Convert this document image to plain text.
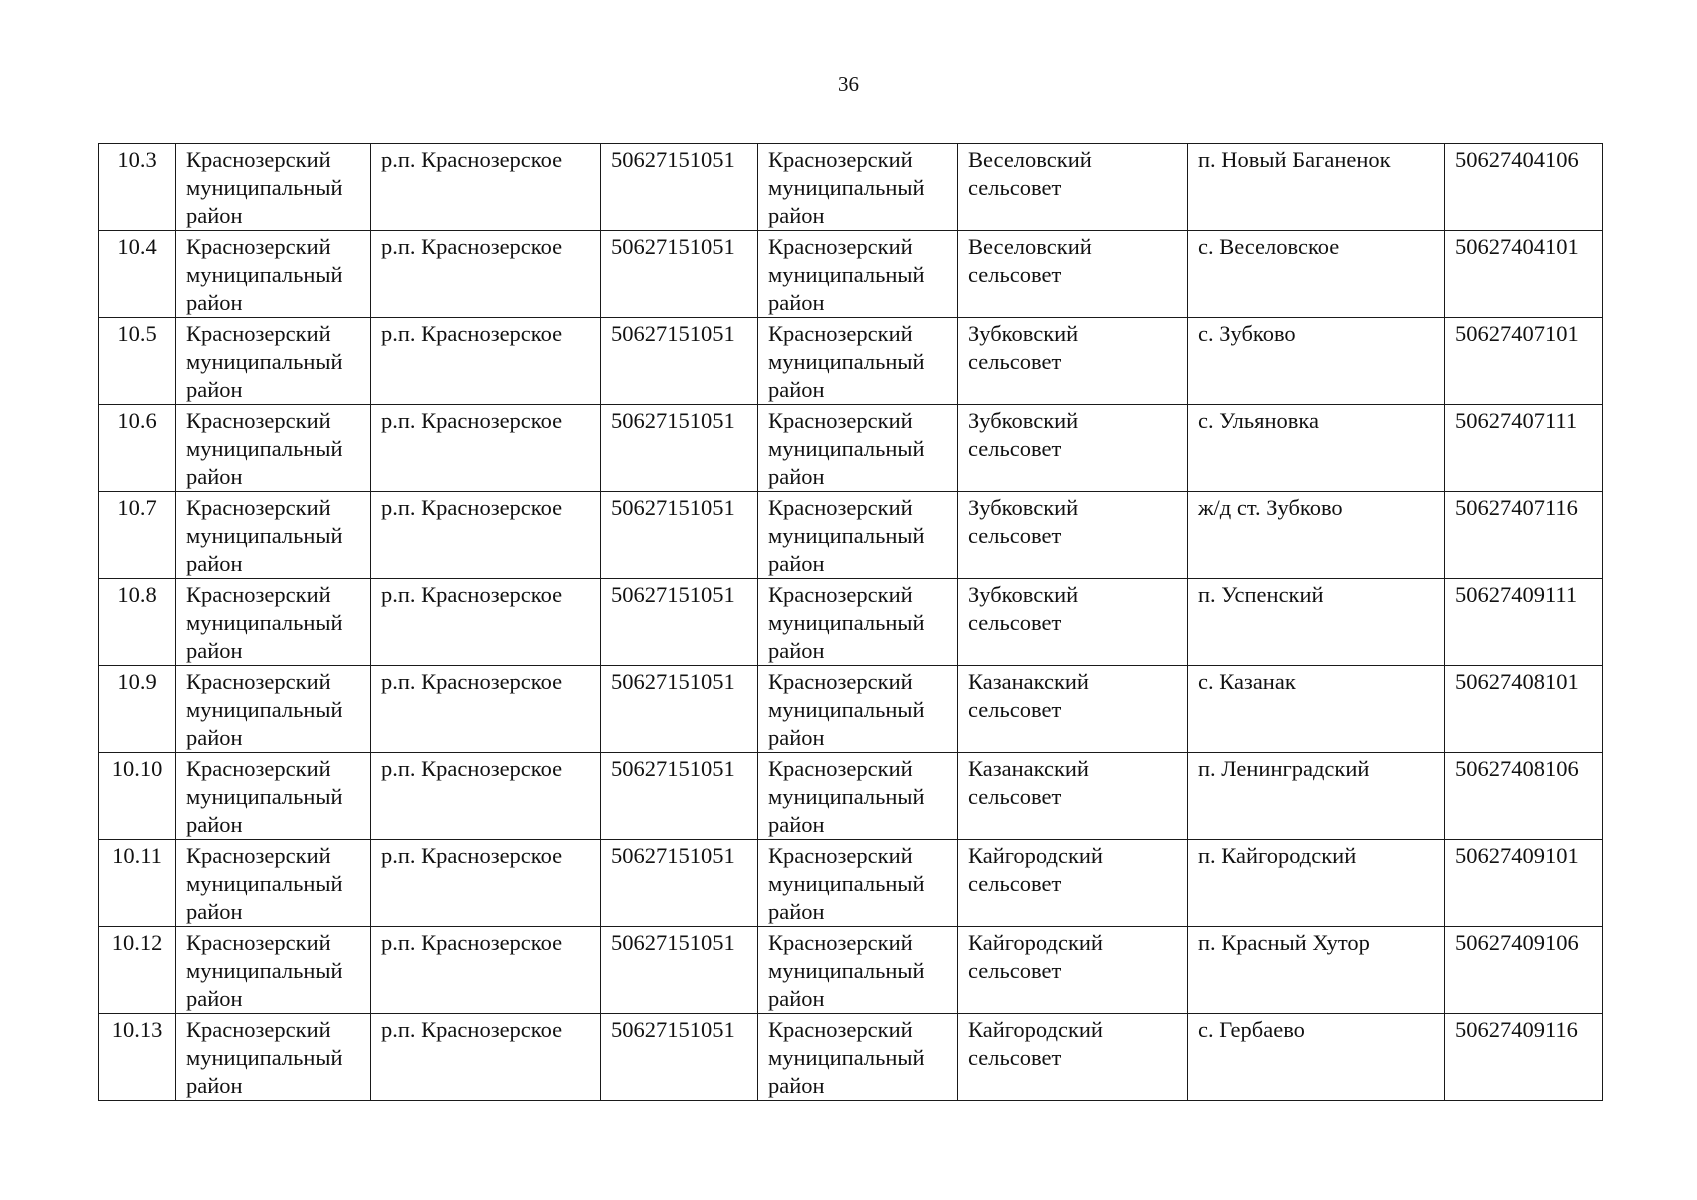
36
10.3	Краснозерский муниципальный район	р.п. Краснозерское	50627151051	Краснозерский муниципальный район	Веселовский сельсовет	п. Новый Баганенок	50627404106
10.4	Краснозерский муниципальный район	р.п. Краснозерское	50627151051	Краснозерский муниципальный район	Веселовский сельсовет	с. Веселовское	50627404101
10.5	Краснозерский муниципальный район	р.п. Краснозерское	50627151051	Краснозерский муниципальный район	Зубковский сельсовет	с. Зубково	50627407101
10.6	Краснозерский муниципальный район	р.п. Краснозерское	50627151051	Краснозерский муниципальный район	Зубковский сельсовет	с. Ульяновка	50627407111
10.7	Краснозерский муниципальный район	р.п. Краснозерское	50627151051	Краснозерский муниципальный район	Зубковский сельсовет	ж/д ст. Зубково	50627407116
10.8	Краснозерский муниципальный район	р.п. Краснозерское	50627151051	Краснозерский муниципальный район	Зубковский сельсовет	п. Успенский	50627409111
10.9	Краснозерский муниципальный район	р.п. Краснозерское	50627151051	Краснозерский муниципальный район	Казанакский сельсовет	с. Казанак	50627408101
10.10	Краснозерский муниципальный район	р.п. Краснозерское	50627151051	Краснозерский муниципальный район	Казанакский сельсовет	п. Ленинградский	50627408106
10.11	Краснозерский муниципальный район	р.п. Краснозерское	50627151051	Краснозерский муниципальный район	Кайгородский сельсовет	п. Кайгородский	50627409101
10.12	Краснозерский муниципальный район	р.п. Краснозерское	50627151051	Краснозерский муниципальный район	Кайгородский сельсовет	п. Красный Хутор	50627409106
10.13	Краснозерский муниципальный район	р.п. Краснозерское	50627151051	Краснозерский муниципальный район	Кайгородский сельсовет	с. Гербаево	50627409116
